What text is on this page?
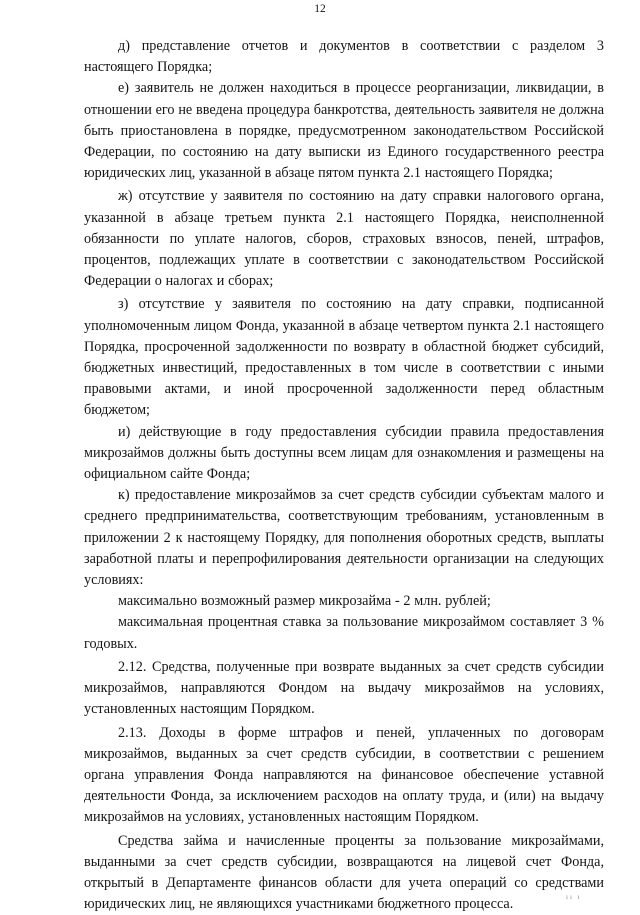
12

д) представление отчетов и документов в соответствии с разделом 3 настоящего Порядка;

е) заявитель не должен находиться в процессе реорганизации, ликвидации, в отношении его не введена процедура банкротства, деятельность заявителя не должна быть приостановлена в порядке, предусмотренном законодательством Российской Федерации, по состоянию на дату выписки из Единого государственного реестра юридических лиц, указанной в абзаце пятом пункта 2.1 настоящего Порядка;

ж) отсутствие у заявителя по состоянию на дату справки налогового органа, указанной в абзаце третьем пункта 2.1 настоящего Порядка, неисполненной обязанности по уплате налогов, сборов, страховых взносов, пеней, штрафов, процентов, подлежащих уплате в соответствии с законодательством Российской Федерации о налогах и сборах;

з) отсутствие у заявителя по состоянию на дату справки, подписанной уполномоченным лицом Фонда, указанной в абзаце четвертом пункта 2.1 настоящего Порядка, просроченной задолженности по возврату в областной бюджет субсидий, бюджетных инвестиций, предоставленных в том числе в соответствии с иными правовыми актами, и иной просроченной задолженности перед областным бюджетом;

и) действующие в году предоставления субсидии правила предоставления микрозаймов должны быть доступны всем лицам для ознакомления и размещены на официальном сайте Фонда;

к) предоставление микрозаймов за счет средств субсидии субъектам малого и среднего предпринимательства, соответствующим требованиям, установленным в приложении 2 к настоящему Порядку, для пополнения оборотных средств, выплаты заработной платы и перепрофилирования деятельности организации на следующих условиях:

максимально возможный размер микрозайма - 2 млн. рублей;

максимальная процентная ставка за пользование микрозаймом составляет 3 % годовых.

2.12. Средства, полученные при возврате выданных за счет средств субсидии микрозаймов, направляются Фондом на выдачу микрозаймов на условиях, установленных настоящим Порядком.

2.13. Доходы в форме штрафов и пеней, уплаченных по договорам микрозаймов, выданных за счет средств субсидии, в соответствии с решением органа управления Фонда направляются на финансовое обеспечение уставной деятельности Фонда, за исключением расходов на оплату труда, и (или) на выдачу микрозаймов на условиях, установленных настоящим Порядком.

Средства займа и начисленные проценты за пользование микрозаймами, выданными за счет средств субсидии, возвращаются на лицевой счет Фонда, открытый в Департаменте финансов области для учета операций со средствами юридических лиц, не являющихся участниками бюджетного процесса.	ıı ı
